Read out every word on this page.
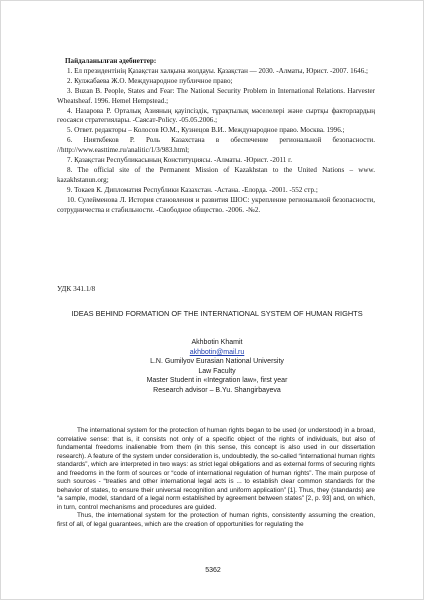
Пайдаланылған әдебиеттер:

1. Ел президентінің Қазақстан халқына жолдауы. Қазақстан — 2030. -Алматы, Юрист. -2007. 1646.;

2. Кулжабаева Ж.О. Международное публичное право;

3. Buzan B. People, States and Fear: The National Security Problem in International Relations. Harvester Wheatsheaf. 1996. Hemel Hempstead.;

4. Назарова Р. Орталық Азияның қауіпсіздік, тұрақтылық мәселелері және сыртқы факторлардың геосаяси стратегиялары. -Саясат-Policy. -05.05.2006.;

5. Ответ. редакторы – Колосов Ю.М., Кузнецов В.И.. Международное право. Москва. 1996.;

6. Нияткбеков Р. Роль Казахстана в обеспечение региональной безопасности. //http://www.easttime.ru/analitic/1/3/983.html;

7. Қазақстан Республикасының Конституциясы. -Алматы. -Юрист. -2011 г.

8. The official site of the Permanent Mission of Kazakhstan to the United Nations – www. kazakhstanun.org;

9. Токаев К. Дипломатия Республики Казахстан. -Астана. -Елорда. -2001. -552 стр.;

10. Сулейменова Л. История становления и развития ШОС: укрепление региональной безопасности, сотрудничества и стабильности. -Свободное общество. -2006. -№2.

УДК 341.1/8
IDEAS BEHIND FORMATION OF THE INTERNATIONAL SYSTEM OF HUMAN RIGHTS
Akhbotin Khamit
akhbotin@mail.ru
L.N. Gumilyov Eurasian National University
Law Faculty
Master Student in «Integration law», first year
Research advisor – B.Yu. Shangirbayeva

The international system for the protection of human rights began to be used (or understood) in a broad, correlative sense: that is, it consists not only of a specific object of the rights of individuals, but also of fundamental freedoms inalienable from them (in this sense, this concept is also used in our dissertation research). A feature of the system under consideration is, undoubtedly, the so-called “international human rights standards”, which are interpreted in two ways: as strict legal obligations and as external forms of securing rights and freedoms in the form of sources or “code of international regulation of human rights”. The main purpose of such sources - “treaties and other international legal acts is ... to establish clear common standards for the behavior of states, to ensure their universal recognition and uniform application” [1]. Thus, they (standards) are “a sample, model, standard of a legal norm established by agreement between states” [2, p. 93] and, on which, in turn, control mechanisms and procedures are guided.

Thus, the international system for the protection of human rights, consistently assuming the creation, first of all, of legal guarantees, which are the creation of opportunities for regulating the

5362
